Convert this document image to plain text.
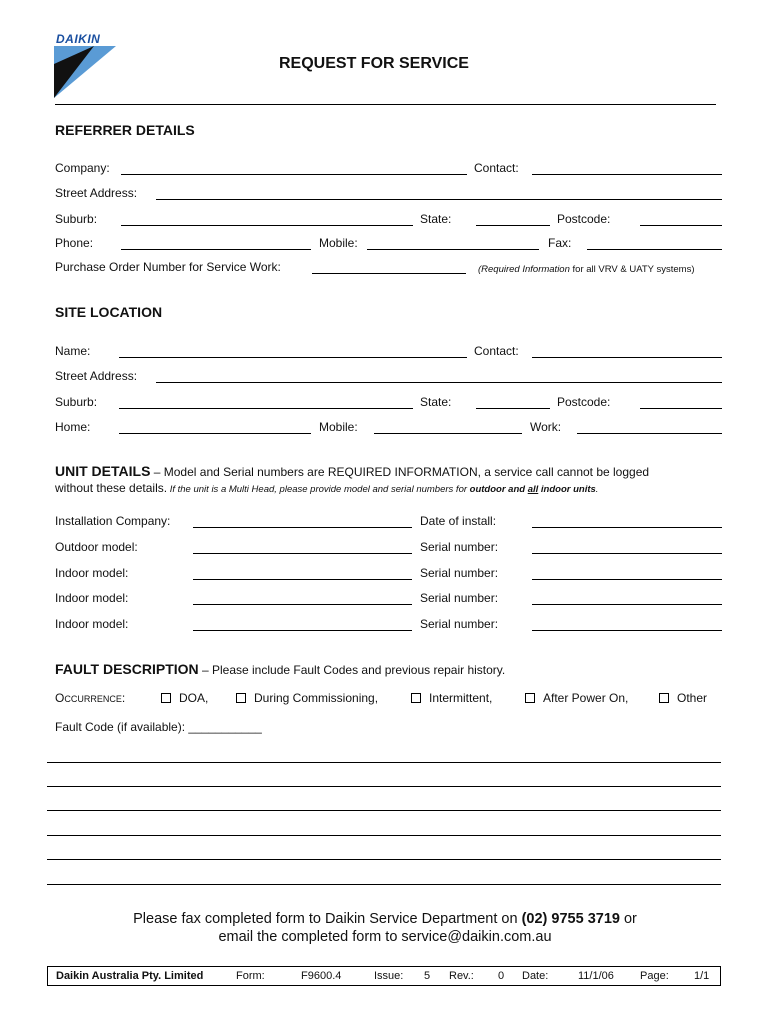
DAIKIN
REQUEST FOR SERVICE
REFERRER DETAILS
Company:	Contact:
Street Address:
Suburb:	State:	Postcode:
Phone:	Mobile:	Fax:
Purchase Order Number for Service Work:	(Required Information for all VRV & UATY systems)
SITE LOCATION
Name:	Contact:
Street Address:
Suburb:	State:	Postcode:
Home:	Mobile:	Work:
UNIT DETAILS – Model and Serial numbers are REQUIRED INFORMATION, a service call cannot be logged
without these details. If the unit is a Multi Head, please provide model and serial numbers for outdoor and all indoor units.
Installation Company:	Date of install:
Outdoor model:	Serial number:
Indoor model:	Serial number:
Indoor model:	Serial number:
Indoor model:	Serial number:
FAULT DESCRIPTION – Please include Fault Codes and previous repair history.
OCCURRENCE:	DOA,	During Commissioning,	Intermittent,	After Power On,	Other
Fault Code (if available): ___________
Please fax completed form to Daikin Service Department on (02) 9755 3719 or
email the completed form to service@daikin.com.au
Daikin Australia Pty. Limited	Form:	F9600.4	Issue: 5 Rev.: 0 Date:	11/1/06 Page: 1/1
